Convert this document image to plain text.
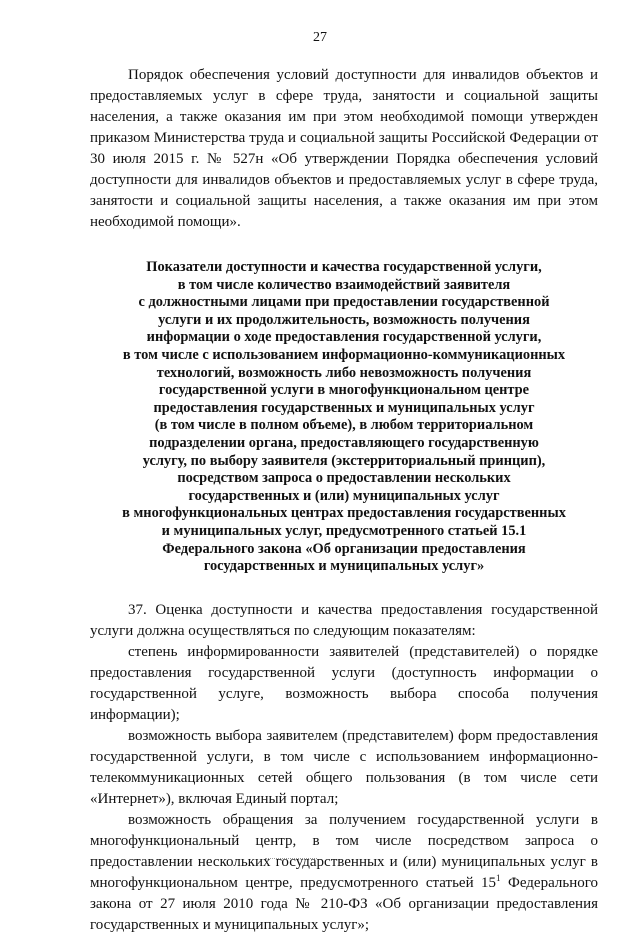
27

Порядок обеспечения условий доступности для инвалидов объектов и предоставляемых услуг в сфере труда, занятости и социальной защиты населения, а также оказания им при этом необходимой помощи утвержден приказом Министерства труда и социальной защиты Российской Федерации от 30 июля 2015 г. № 527н «Об утверждении Порядка обеспечения условий доступности для инвалидов объектов и предоставляемых услуг в сфере труда, занятости и социальной защиты населения, а также оказания им при этом необходимой помощи».

Показатели доступности и качества государственной услуги,
в том числе количество взаимодействий заявителя
с должностными лицами при предоставлении государственной
услуги и их продолжительность, возможность получения
информации о ходе предоставления государственной услуги,
в том числе с использованием информационно-коммуникационных
технологий, возможность либо невозможность получения
государственной услуги в многофункциональном центре
предоставления государственных и муниципальных услуг
(в том числе в полном объеме), в любом территориальном
подразделении органа, предоставляющего государственную
услугу, по выбору заявителя (экстерриториальный принцип),
посредством запроса о предоставлении нескольких
государственных и (или) муниципальных услуг
в многофункциональных центрах предоставления государственных
и муниципальных услуг, предусмотренного статьей 15.1
Федерального закона «Об организации предоставления
государственных и муниципальных услуг»

37. Оценка доступности и качества предоставления государственной услуги должна осуществляться по следующим показателям:

степень информированности заявителей (представителей) о порядке предоставления государственной услуги (доступность информации о государственной услуге, возможность выбора способа получения информации);

возможность выбора заявителем (представителем) форм предоставления государственной услуги, в том числе с использованием информационно-телекоммуникационных сетей общего пользования (в том числе сети «Интернет»), включая Единый портал;

возможность обращения за получением государственной услуги в многофункциональный центр, в том числе посредством запроса о предоставлении нескольких государственных и (или) муниципальных услуг в многофункциональном центре, предусмотренного статьей $15^1$ Федерального закона от 27 июля 2010 года № 210-ФЗ «Об организации предоставления государственных и муниципальных услуг»;
